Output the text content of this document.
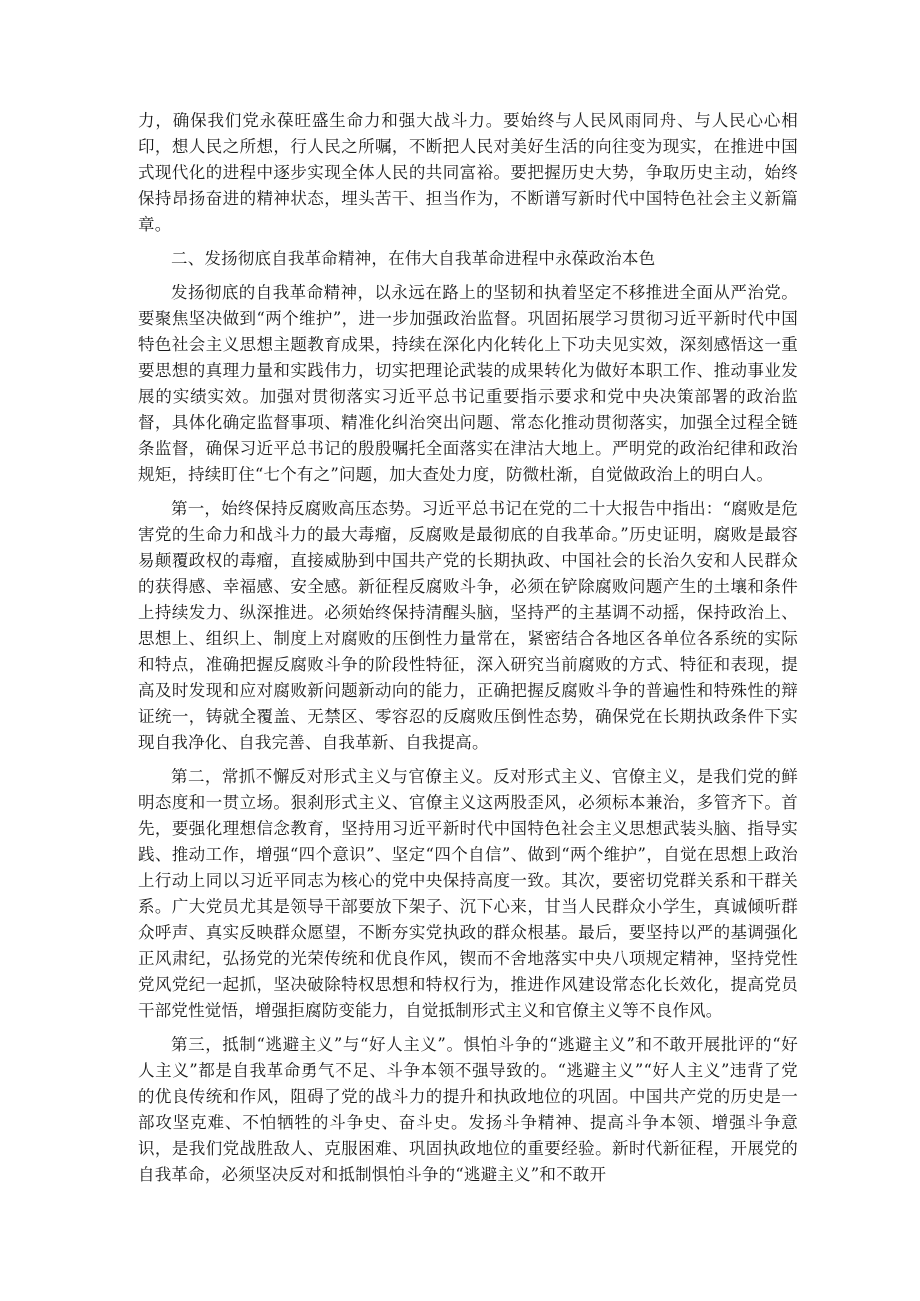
力，确保我们党永葆旺盛生命力和强大战斗力。要始终与人民风雨同舟、与人民心心相印，想人民之所想，行人民之所嘱，不断把人民对美好生活的向往变为现实，在推进中国式现代化的进程中逐步实现全体人民的共同富裕。要把握历史大势，争取历史主动，始终保持昂扬奋进的精神状态，埋头苦干、担当作为，不断谱写新时代中国特色社会主义新篇章。

二、发扬彻底自我革命精神，在伟大自我革命进程中永葆政治本色

发扬彻底的自我革命精神，以永远在路上的坚韧和执着坚定不移推进全面从严治党。要聚焦坚决做到“两个维护”，进一步加强政治监督。巩固拓展学习贯彻习近平新时代中国特色社会主义思想主题教育成果，持续在深化内化转化上下功夫见实效，深刻感悟这一重要思想的真理力量和实践伟力，切实把理论武装的成果转化为做好本职工作、推动事业发展的实绩实效。加强对贯彻落实习近平总书记重要指示要求和党中央决策部署的政治监督，具体化确定监督事项、精准化纠治突出问题、常态化推动贯彻落实，加强全过程全链条监督，确保习近平总书记的殷殷嘱托全面落实在津沽大地上。严明党的政治纪律和政治规矩，持续盯住“七个有之”问题，加大查处力度，防微杜渐，自觉做政治上的明白人。

第一，始终保持反腐败高压态势。习近平总书记在党的二十大报告中指出：“腐败是危害党的生命力和战斗力的最大毒瘤，反腐败是最彻底的自我革命。”历史证明，腐败是最容易颠覆政权的毒瘤，直接威胁到中国共产党的长期执政、中国社会的长治久安和人民群众的获得感、幸福感、安全感。新征程反腐败斗争，必须在铲除腐败问题产生的土壤和条件上持续发力、纵深推进。必须始终保持清醒头脑，坚持严的主基调不动摇，保持政治上、思想上、组织上、制度上对腐败的压倒性力量常在，紧密结合各地区各单位各系统的实际和特点，准确把握反腐败斗争的阶段性特征，深入研究当前腐败的方式、特征和表现，提高及时发现和应对腐败新问题新动向的能力，正确把握反腐败斗争的普遍性和特殊性的辩证统一，铸就全覆盖、无禁区、零容忍的反腐败压倒性态势，确保党在长期执政条件下实现自我净化、自我完善、自我革新、自我提高。

第二，常抓不懈反对形式主义与官僚主义。反对形式主义、官僚主义，是我们党的鲜明态度和一贯立场。狠刹形式主义、官僚主义这两股歪风，必须标本兼治，多管齐下。首先，要强化理想信念教育，坚持用习近平新时代中国特色社会主义思想武装头脑、指导实践、推动工作，增强“四个意识”、坚定“四个自信”、做到“两个维护”，自觉在思想上政治上行动上同以习近平同志为核心的党中央保持高度一致。其次，要密切党群关系和干群关系。广大党员尤其是领导干部要放下架子、沉下心来，甘当人民群众小学生，真诚倾听群众呼声、真实反映群众愿望，不断夯实党执政的群众根基。最后，要坚持以严的基调强化正风肃纪，弘扬党的光荣传统和优良作风，锲而不舍地落实中央八项规定精神，坚持党性党风党纪一起抓，坚决破除特权思想和特权行为，推进作风建设常态化长效化，提高党员干部党性觉悟，增强拒腐防变能力，自觉抵制形式主义和官僚主义等不良作风。

第三，抵制“逃避主义”与“好人主义”。惧怕斗争的“逃避主义”和不敢开展批评的“好人主义”都是自我革命勇气不足、斗争本领不强导致的。“逃避主义”“好人主义”违背了党的优良传统和作风，阻碍了党的战斗力的提升和执政地位的巩固。中国共产党的历史是一部攻坚克难、不怕牺牲的斗争史、奋斗史。发扬斗争精神、提高斗争本领、增强斗争意识，是我们党战胜敌人、克服困难、巩固执政地位的重要经验。新时代新征程，开展党的自我革命，必须坚决反对和抵制惧怕斗争的“逃避主义”和不敢开
